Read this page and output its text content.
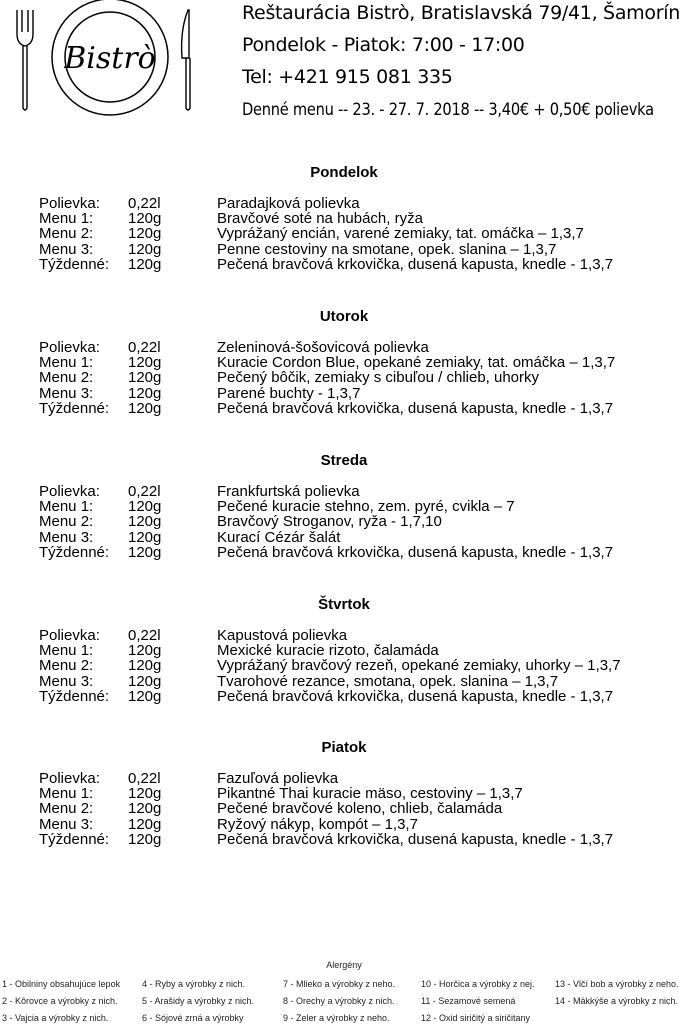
Bistrò
Reštaurácia Bistrò, Bratislavská 79/41, Šamorín
Pondelok - Piatok: 7:00 - 17:00
Tel: +421 915 081 335
Denné menu -- 23. - 27. 7. 2018 -- 3,40€ + 0,50€ polievka
Pondelok
Polievka: 0,22l	Paradajková polievka
Menu 1: 120g	Bravčové soté na hubách, ryža
Menu 2: 120g	Vyprážaný encián, varené zemiaky, tat. omáčka – 1,3,7
Menu 3: 120g	Penne cestoviny na smotane, opek. slanina – 1,3,7
Týždenné: 120g	Pečená bravčová krkovička, dusená kapusta, knedle - 1,3,7
Utorok
Polievka: 0,22l	Zeleninová-šošovicová polievka
Menu 1: 120g	Kuracie Cordon Blue, opekané zemiaky, tat. omáčka – 1,3,7
Menu 2: 120g	Pečený bôčik, zemiaky s cibuľou / chlieb, uhorky
Menu 3: 120g	Parené buchty - 1,3,7
Týždenné: 120g	Pečená bravčová krkovička, dusená kapusta, knedle - 1,3,7
Streda
Polievka: 0,22l	Frankfurtská polievka
Menu 1: 120g	Pečené kuracie stehno, zem. pyré, cvikla – 7
Menu 2: 120g	Bravčový Stroganov, ryža - 1,7,10
Menu 3: 120g	Kurací Cézár šalát
Týždenné: 120g	Pečená bravčová krkovička, dusená kapusta, knedle - 1,3,7
Štvrtok
Polievka: 0,22l	Kapustová polievka
Menu 1: 120g	Mexické kuracie rizoto, čalamáda
Menu 2: 120g	Vyprážaný bravčový rezeň, opekané zemiaky, uhorky – 1,3,7
Menu 3: 120g	Tvarohové rezance, smotana, opek. slanina – 1,3,7
Týždenné: 120g	Pečená bravčová krkovička, dusená kapusta, knedle - 1,3,7
Piatok
Polievka: 0,22l	Fazuľová polievka
Menu 1: 120g	Pikantné Thai kuracie mäso, cestoviny – 1,3,7
Menu 2: 120g	Pečené bravčové koleno, chlieb, čalamáda
Menu 3: 120g	Ryžový nákyp, kompót – 1,3,7
Týždenné: 120g	Pečená bravčová krkovička, dusená kapusta, knedle - 1,3,7
Alergény
1 - Obilniny obsahujúce lepok
2 - Kôrovce a výrobky z nich.
3 - Vajcia a výrobky z nich.
4 - Ryby a výrobky z nich.
5 - Arašidy a výrobky z nich.
6 - Sójové zrná a výrobky
7 - Mlieko a výrobky z neho.
8 - Orechy a výrobky z nich.
9 - Zeler a výrobky z neho.
10 - Horčica a výrobky z nej.
11 - Sezamové semená
12 - Oxid siričitý a siričitany
13 - Vlčí bob a výrobky z neho.
14 - Mäkkýše a výrobky z nich.
